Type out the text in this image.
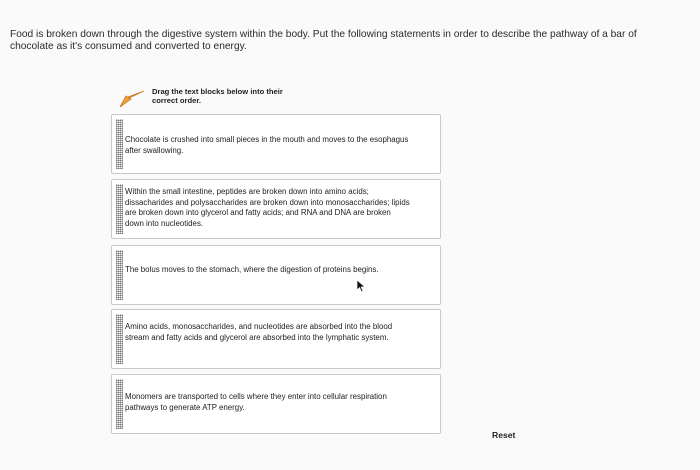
Food is broken down through the digestive system within the body. Put the following statements in order to describe the pathway of a bar of chocolate as it's consumed and converted to energy.
Drag the text blocks below into their correct order.
Chocolate is crushed into small pieces in the mouth and moves to the esophagus after swallowing.
Within the small intestine, peptides are broken down into amino acids; dissacharides and polysaccharides are broken down into monosaccharides; lipids are broken down into glycerol and fatty acids; and RNA and DNA are broken down into nucleotides.
The bolus moves to the stomach, where the digestion of proteins begins.
Amino acids, monosaccharides, and nucleotides are absorbed into the blood stream and fatty acids and glycerol are absorbed into the lymphatic system.
Monomers are transported to cells where they enter into cellular respiration pathways to generate ATP energy.
Reset
